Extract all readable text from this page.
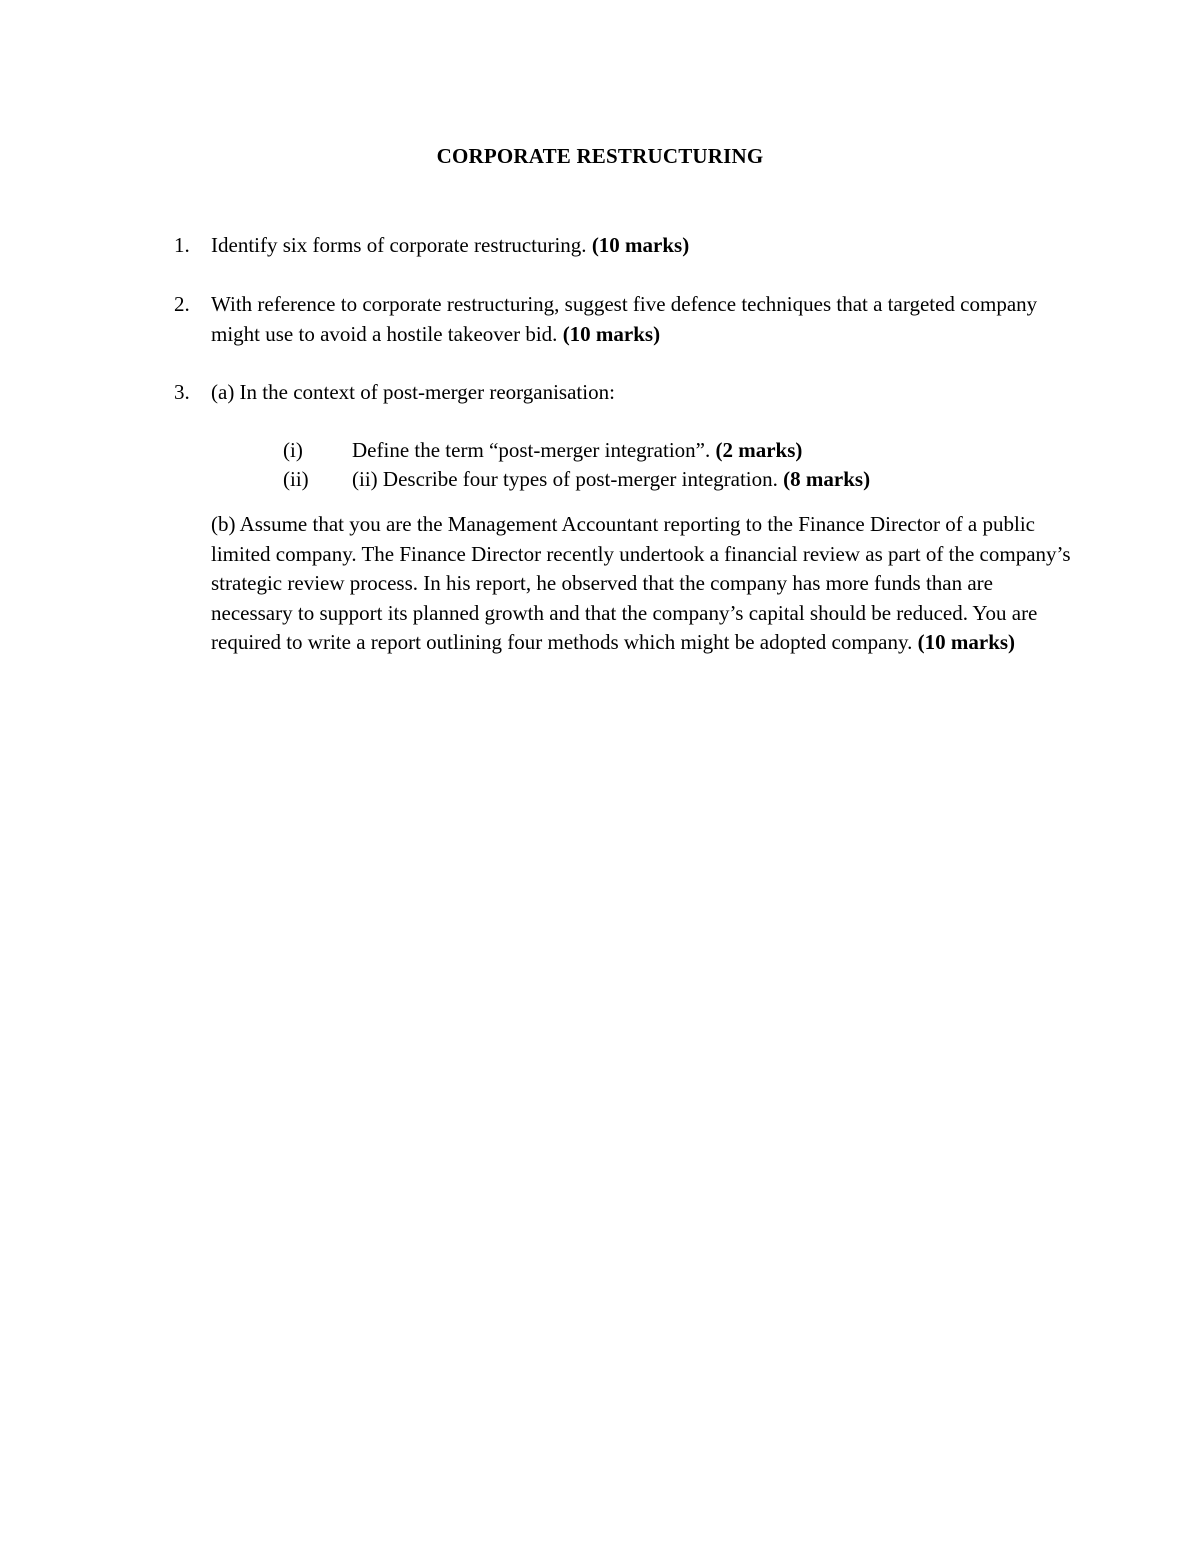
CORPORATE RESTRUCTURING
1.	Identify six forms of corporate restructuring. (10 marks)
2.	With reference to corporate restructuring, suggest five defence techniques that a targeted company might use to avoid a hostile takeover bid. (10 marks)
3.	(a) In the context of post-merger reorganisation:
(i)	Define the term “post-merger integration”. (2 marks)
(ii)	(ii) Describe four types of post-merger integration. (8 marks)
(b) Assume that you are the Management Accountant reporting to the Finance Director of a public limited company. The Finance Director recently undertook a financial review as part of the company’s strategic review process. In his report, he observed that the company has more funds than are necessary to support its planned growth and that the company’s capital should be reduced. You are required to write a report outlining four methods which might be adopted company. (10 marks)
